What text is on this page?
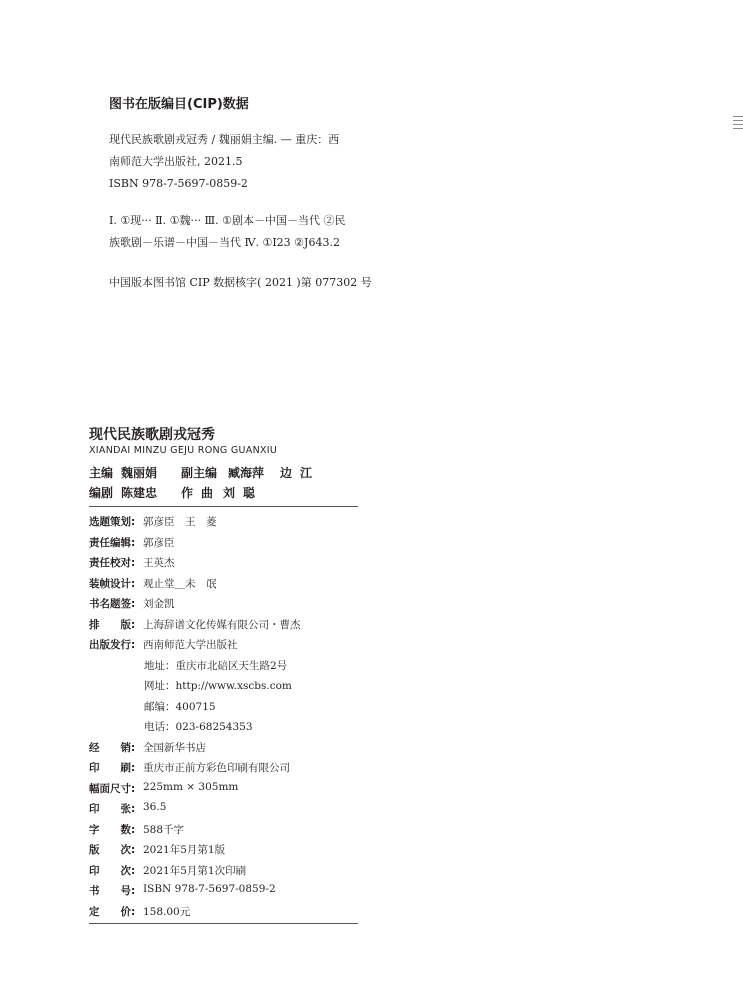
图书在版编目(CIP)数据
现代民族歌剧戎冠秀 / 魏丽娟主编. — 重庆：西
南师范大学出版社, 2021.5
ISBN 978-7-5697-0859-2
Ⅰ. ①现··· Ⅱ. ①魏··· Ⅲ. ①剧本－中国－当代 ②民
族歌剧－乐谱－中国－当代 Ⅳ. ①I23 ②J643.2
中国版本图书馆 CIP 数据核字( 2021 )第 077302 号
现代民族歌剧戎冠秀
XIANDAI MINZU GEJU RONG GUANXIU
主编 魏丽娟 副主编 臧海萍 边 江
编剧 陈建忠 作 曲 刘 聪
选题策划: 郭彦臣　王　菱
责任编辑: 郭彦臣
责任校对: 王英杰
装帧设计: 观止堂＿未　氓
书名题签: 刘金凯
排　　版: 上海辞谱文化传媒有限公司・曹杰
出版发行: 西南师范大学出版社
地址：重庆市北碚区天生路2号
网址：http://www.xscbs.com
邮编：400715
电话：023-68254353
经　　销: 全国新华书店
印　　刷: 重庆市正前方彩色印刷有限公司
幅面尺寸: 225mm × 305mm
印　　张: 36.5
字　　数: 588千字
版　　次: 2021年5月第1版
印　　次: 2021年5月第1次印刷
书　　号: ISBN 978-7-5697-0859-2
定　　价: 158.00元
